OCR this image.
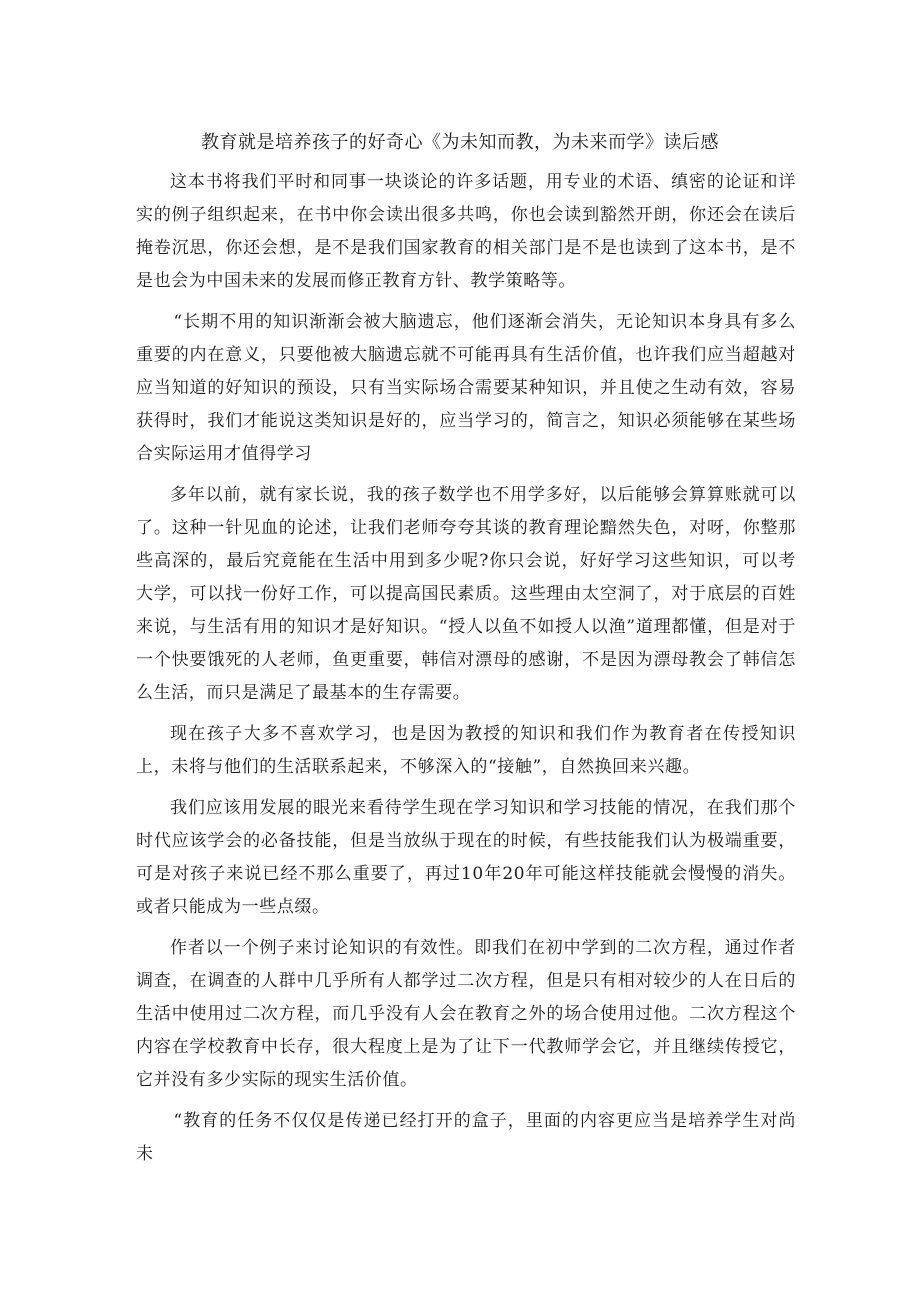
教育就是培养孩子的好奇心《为未知而教，为未来而学》读后感

这本书将我们平时和同事一块谈论的许多话题，用专业的术语、缜密的论证和详实的例子组织起来，在书中你会读出很多共鸣，你也会读到豁然开朗，你还会在读后掩卷沉思，你还会想，是不是我们国家教育的相关部门是不是也读到了这本书，是不是也会为中国未来的发展而修正教育方针、教学策略等。

“长期不用的知识渐渐会被大脑遗忘，他们逐渐会消失，无论知识本身具有多么重要的内在意义，只要他被大脑遗忘就不可能再具有生活价值，也许我们应当超越对应当知道的好知识的预设，只有当实际场合需要某种知识，并且使之生动有效，容易获得时，我们才能说这类知识是好的，应当学习的，简言之，知识必须能够在某些场合实际运用才值得学习

多年以前，就有家长说，我的孩子数学也不用学多好，以后能够会算算账就可以了。这种一针见血的论述，让我们老师夸夸其谈的教育理论黯然失色，对呀，你整那些高深的，最后究竟能在生活中用到多少呢?你只会说，好好学习这些知识，可以考大学，可以找一份好工作，可以提高国民素质。这些理由太空洞了，对于底层的百姓来说，与生活有用的知识才是好知识。“授人以鱼不如授人以渔”道理都懂，但是对于一个快要饿死的人老师，鱼更重要，韩信对漂母的感谢，不是因为漂母教会了韩信怎么生活，而只是满足了最基本的生存需要。

现在孩子大多不喜欢学习，也是因为教授的知识和我们作为教育者在传授知识上，未将与他们的生活联系起来，不够深入的“接触”，自然换回来兴趣。

我们应该用发展的眼光来看待学生现在学习知识和学习技能的情况，在我们那个时代应该学会的必备技能，但是当放纵于现在的时候，有些技能我们认为极端重要，可是对孩子来说已经不那么重要了，再过10年20年可能这样技能就会慢慢的消失。或者只能成为一些点缀。

作者以一个例子来讨论知识的有效性。即我们在初中学到的二次方程，通过作者调查，在调查的人群中几乎所有人都学过二次方程，但是只有相对较少的人在日后的生活中使用过二次方程，而几乎没有人会在教育之外的场合使用过他。二次方程这个内容在学校教育中长存，很大程度上是为了让下一代教师学会它，并且继续传授它，它并没有多少实际的现实生活价值。

“教育的任务不仅仅是传递已经打开的盒子，里面的内容更应当是培养学生对尚未
